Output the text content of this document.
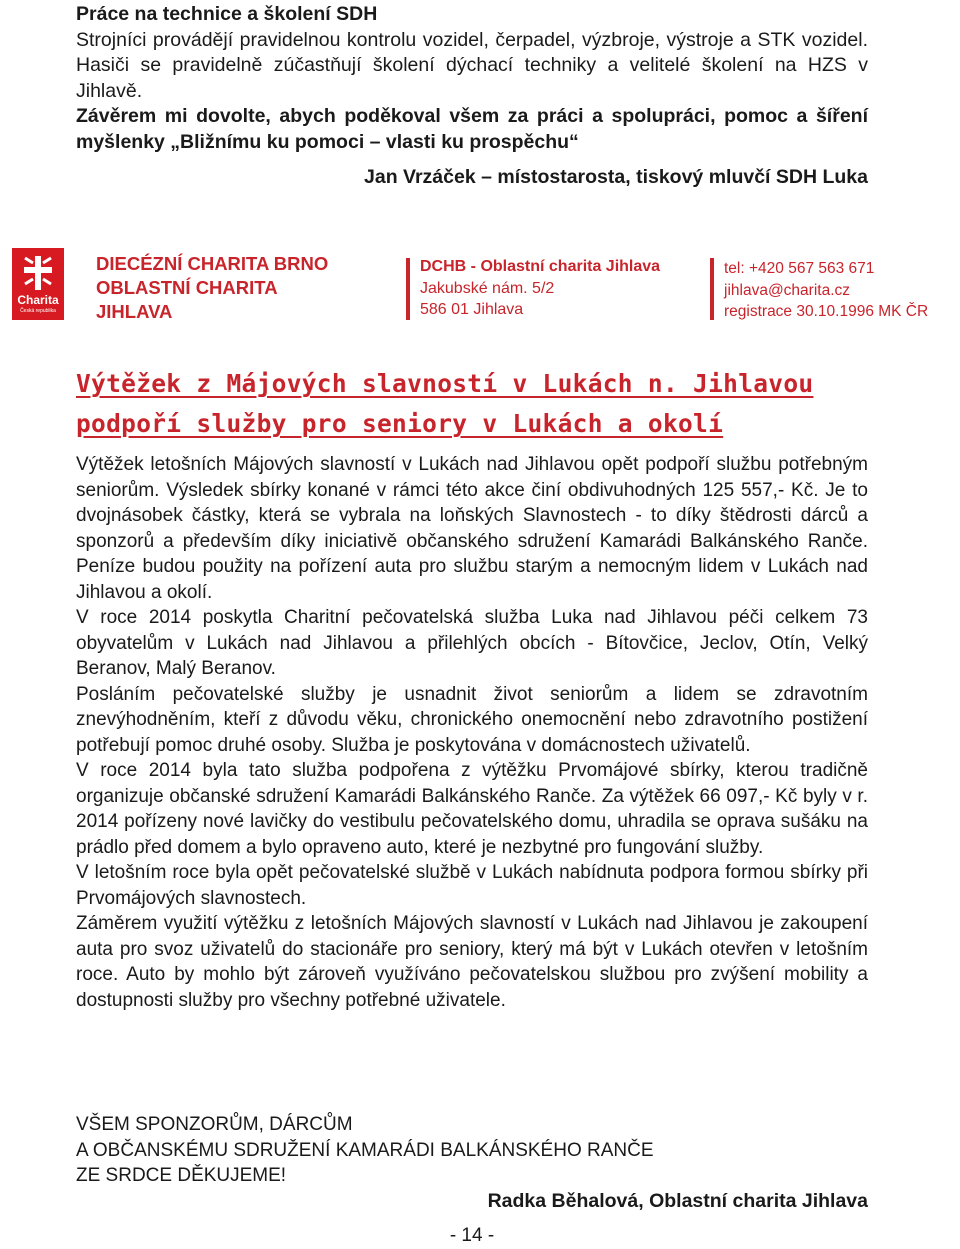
Práce na technice a školení SDH
Strojníci provádějí pravidelnou kontrolu vozidel, čerpadel, výzbroje, výstroje a STK vozidel. Hasiči se pravidelně zúčastňují školení dýchací techniky a velitelé školení na HZS v Jihlavě.
Závěrem mi dovolte, abych poděkoval všem za práci a spolupráci, pomoc a šíření myšlenky „Bližnímu ku pomoci – vlasti ku prospěchu“
Jan Vrzáček – místostarosta, tiskový mluvčí SDH Luka
Charita
Česká republika
DIECÉZNÍ CHARITA BRNO
OBLASTNÍ CHARITA
JIHLAVA
DCHB - Oblastní charita Jihlava
Jakubské nám. 5/2
586 01 Jihlava
tel: +420 567 563 671
jihlava@charita.cz
registrace 30.10.1996 MK ČR
Výtěžek z Májových slavností v Lukách n. Jihlavou podpoří služby pro seniory v Lukách a okolí

Výtěžek letošních Májových slavností v Lukách nad Jihlavou opět podpoří službu potřebným seniorům. Výsledek sbírky konané v rámci této akce činí obdivuhodných 125 557,- Kč. Je to dvojnásobek částky, která se vybrala na loňských Slavnostech - to díky štědrosti dárců a sponzorů a především díky iniciativě občanského sdružení Kamarádi Balkánského Ranče. Peníze budou použity na pořízení auta pro službu starým a nemocným lidem v Lukách nad Jihlavou a okolí.

V roce 2014 poskytla Charitní pečovatelská služba Luka nad Jihlavou péči celkem 73 obyvatelům v Lukách nad Jihlavou a přilehlých obcích - Bítovčice, Jeclov, Otín, Velký Beranov, Malý Beranov.

Posláním pečovatelské služby je usnadnit život seniorům a lidem se zdravotním znevýhodněním, kteří z důvodu věku, chronického onemocnění nebo zdravotního postižení potřebují pomoc druhé osoby. Služba je poskytována v domácnostech uživatelů.

V roce 2014 byla tato služba podpořena z výtěžku Prvomájové sbírky, kterou tradičně organizuje občanské sdružení Kamarádi Balkánského Ranče. Za výtěžek 66 097,- Kč byly v r. 2014 pořízeny nové lavičky do vestibulu pečovatelského domu, uhradila se oprava sušáku na prádlo před domem a bylo opraveno auto, které je nezbytné pro fungování služby.

V letošním roce byla opět pečovatelské službě v Lukách nabídnuta podpora formou sbírky při Prvomájových slavnostech.

Záměrem využití výtěžku z letošních Májových slavností v Lukách nad Jihlavou je zakoupení auta pro svoz uživatelů do stacionáře pro seniory, který má být v Lukách otevřen v letošním roce. Auto by mohlo být zároveň využíváno pečovatelskou službou pro zvýšení mobility a dostupnosti služby pro všechny potřebné uživatele.

VŠEM SPONZORŮM, DÁRCŮM
A OBČANSKÉMU SDRUŽENÍ KAMARÁDI BALKÁNSKÉHO RANČE
ZE SRDCE DĚKUJEME!
Radka Běhalová, Oblastní charita Jihlava
- 14 -
